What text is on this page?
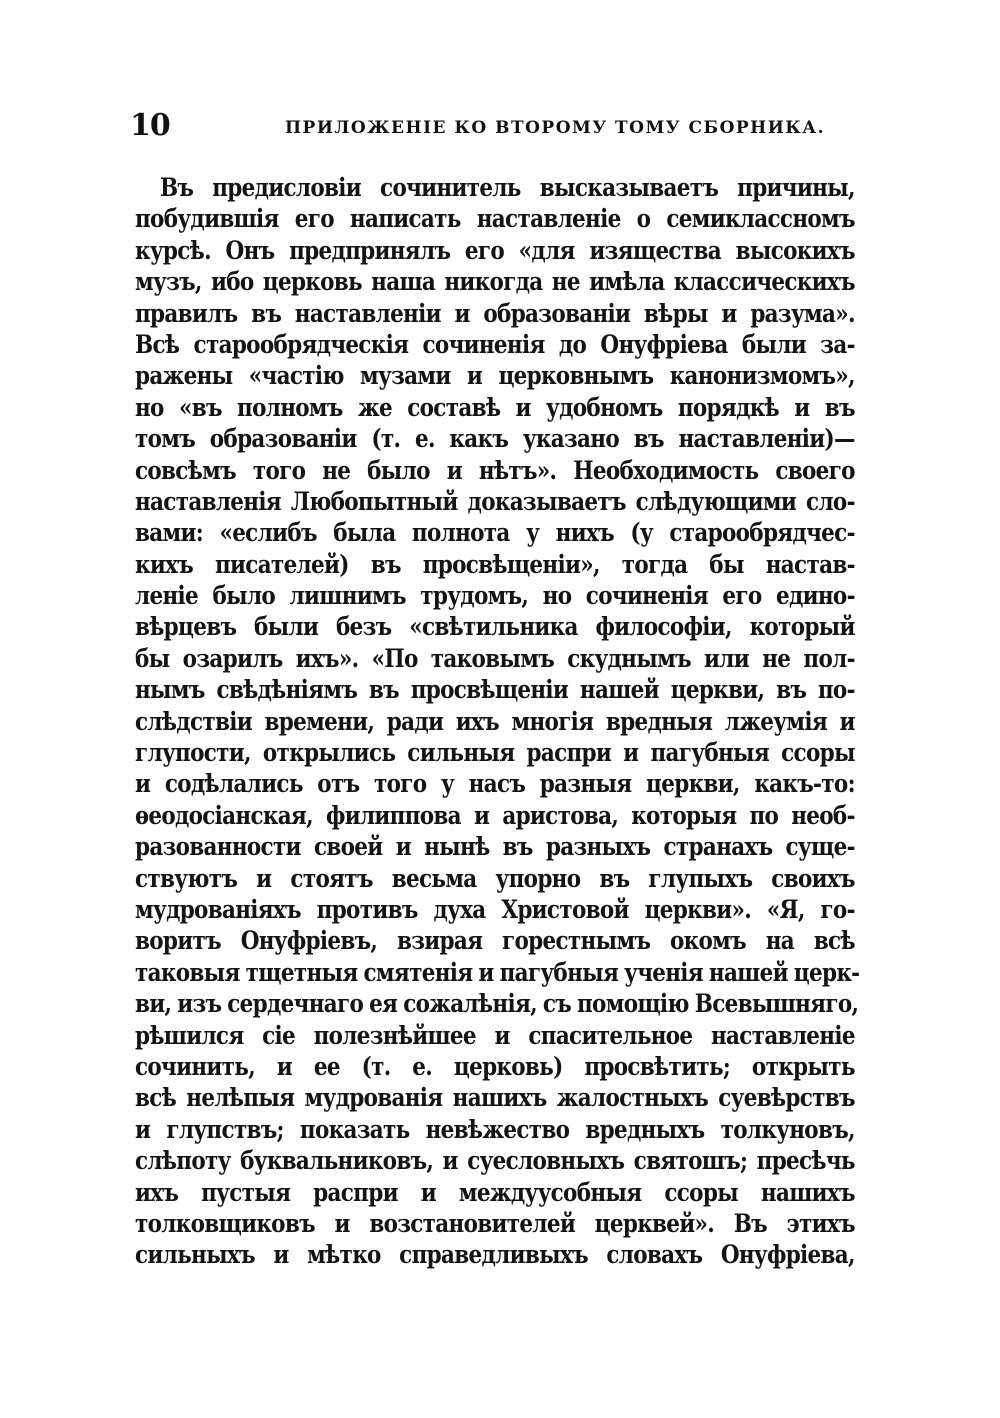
10	ПРИЛОЖЕНІЕ КО ВТОРОМУ ТОМУ СБОРНИКА.
Въ предисловіи сочинитель высказываетъ причины,
побудившія его написать наставленіе о семиклассномъ
курсѣ. Онъ предпринялъ его «для изящества высокихъ
музъ, ибо церковь наша никогда не имѣла классическихъ
правилъ въ наставленіи и образованіи вѣры и разума».
Всѣ старообрядческія сочиненія до Онуфріева были за-
ражены «частію музами и церковнымъ канонизмомъ»,
но «въ полномъ же составѣ и удобномъ порядкѣ и въ
томъ образованіи (т. е. какъ указано въ наставленіи)—
совсѣмъ того не было и нѣтъ». Необходимость своего
наставленія Любопытный доказываетъ слѣдующими сло-
вами: «еслибъ была полнота у нихъ (у старообрядчес-
кихъ писателей) въ просвѣщеніи», тогда бы настав-
леніе было лишнимъ трудомъ, но сочиненія его едино-
вѣрцевъ были безъ «свѣтильника философіи, который
бы озарилъ ихъ». «По таковымъ скуднымъ или не пол-
нымъ свѣдѣніямъ въ просвѣщеніи нашей церкви, въ по-
слѣдствіи времени, ради ихъ многія вредныя лжеумія и
глупости, открылись сильныя распри и пагубныя ссоры
и содѣлались отъ того у насъ разныя церкви, какъ-то:
ѳеодосіанская, филиппова и аристова, которыя по необ-
разованности своей и нынѣ въ разныхъ странахъ суще-
ствуютъ и стоятъ весьма упорно въ глупыхъ своихъ
мудрованіяхъ противъ духа Христовой церкви». «Я, го-
воритъ Онуфріевъ, взирая горестнымъ окомъ на всѣ
таковыя тщетныя смятенія и пагубныя ученія нашей церк-
ви, изъ сердечнаго ея сожалѣнія, съ помощію Всевышняго,
рѣшился сіе полезнѣйшее и спасительное наставленіе
сочинить, и ее (т. е. церковь) просвѣтить; открыть
всѣ нелѣпыя мудрованія нашихъ жалостныхъ суевѣрствъ
и глупствъ; показать невѣжество вредныхъ толкуновъ,
слѣпоту буквальниковъ, и суесловныхъ святошъ; пресѣчь
ихъ пустыя распри и междуусобныя ссоры нашихъ
толковщиковъ и возстановителей церквей». Въ этихъ
сильныхъ и мѣтко справедливыхъ словахъ Онуфріева,
